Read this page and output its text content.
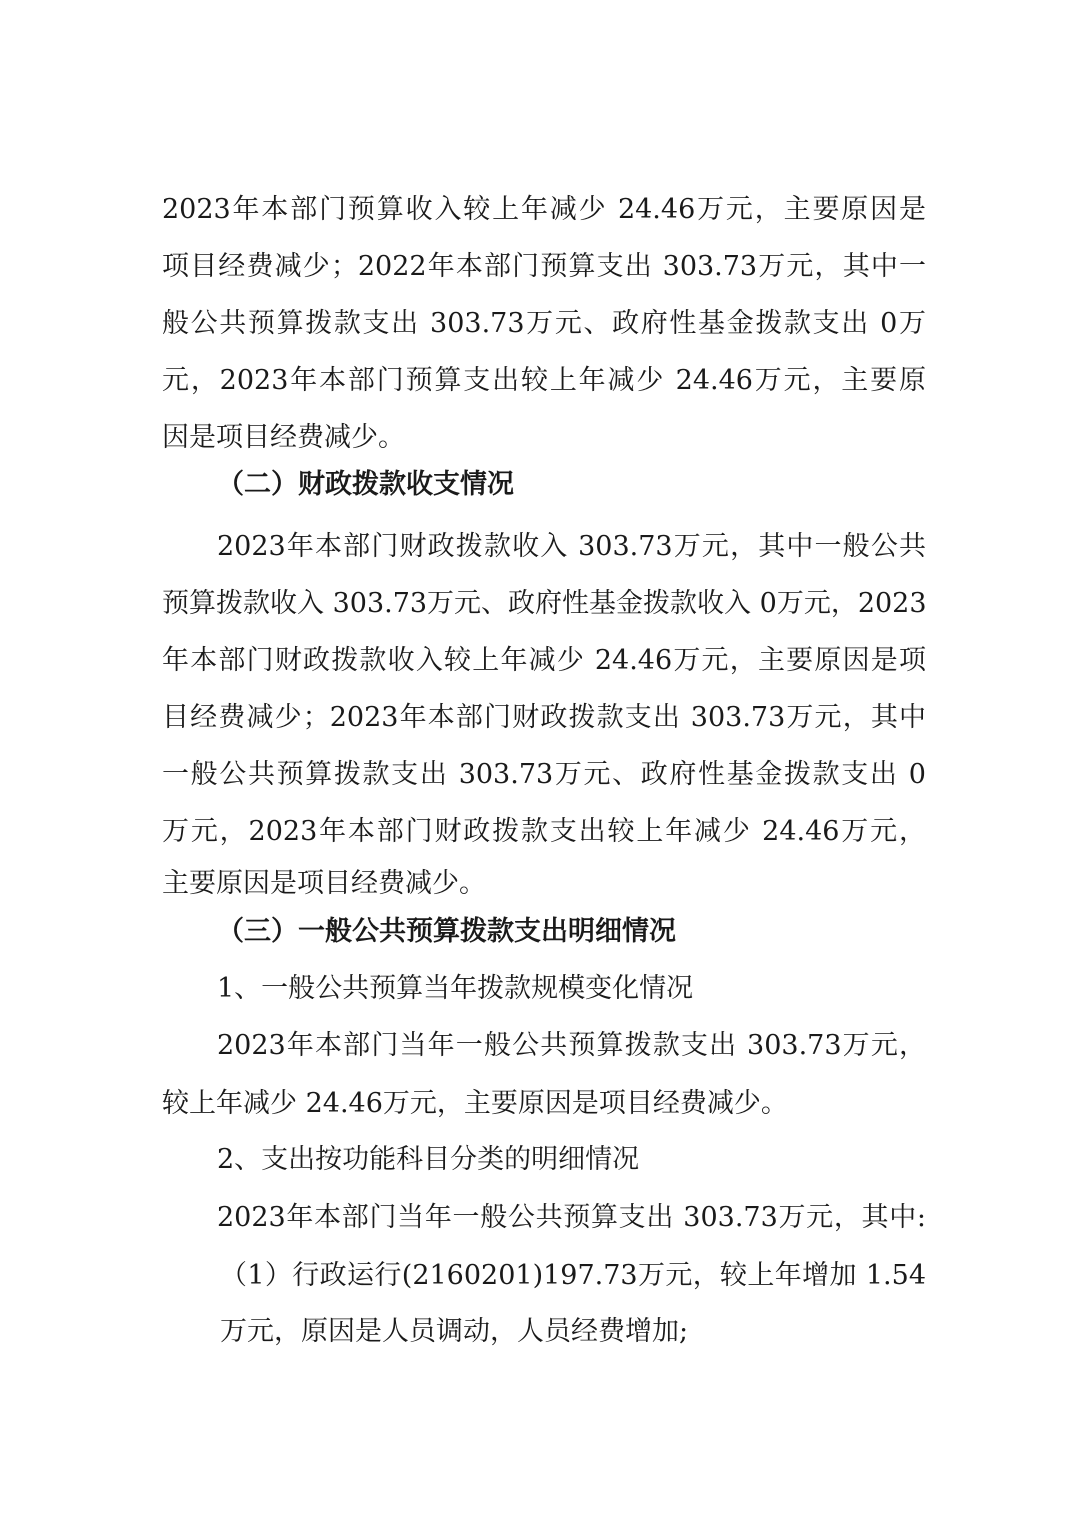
2023年本部门预算收入较上年减少 24.46万元，主要原因是

项目经费减少；2022年本部门预算支出 303.73万元，其中一

般公共预算拨款支出 303.73万元、政府性基金拨款支出 0万

元，2023年本部门预算支出较上年减少 24.46万元，主要原

因是项目经费减少。

（二）财政拨款收支情况

2023年本部门财政拨款收入 303.73万元，其中一般公共

预算拨款收入 303.73万元、政府性基金拨款收入 0万元，2023

年本部门财政拨款收入较上年减少 24.46万元，主要原因是项

目经费减少；2023年本部门财政拨款支出 303.73万元，其中

一般公共预算拨款支出 303.73万元、政府性基金拨款支出 0

万元，2023年本部门财政拨款支出较上年减少 24.46万元，

主要原因是项目经费减少。

（三）一般公共预算拨款支出明细情况

1、一般公共预算当年拨款规模变化情况

2023年本部门当年一般公共预算拨款支出 303.73万元，

较上年减少 24.46万元，主要原因是项目经费减少。

2、支出按功能科目分类的明细情况

2023年本部门当年一般公共预算支出 303.73万元，其中:

（1）行政运行(2160201)197.73万元，较上年增加 1.54

万元，原因是人员调动，人员经费增加;
